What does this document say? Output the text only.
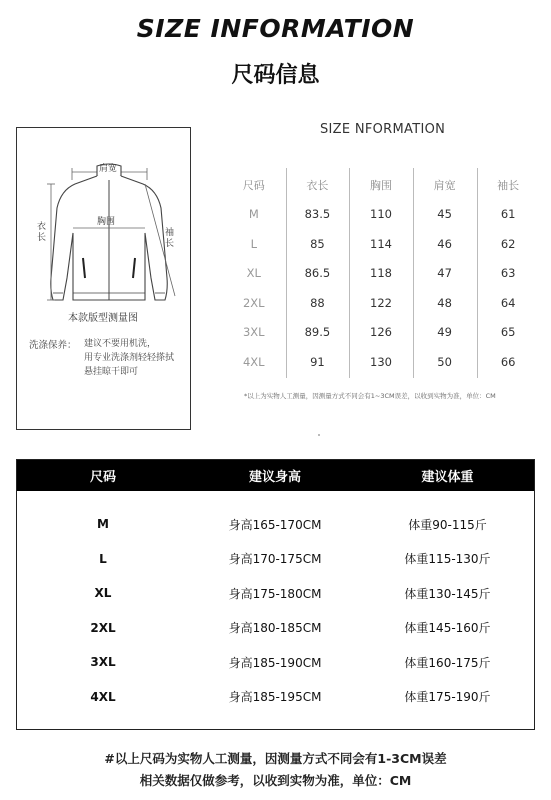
SIZE INFORMATION
尺码信息
肩宽
胸围
衣长	袖长
本款版型测量图
洗涤保养： 建议不要用机洗，
用专业洗涤剂轻轻搽拭
悬挂晾干即可
SIZE NFORMATION
尺码	衣长	胸围	肩宽	袖长
M	83.5	110	45	61
L	85	114	46	62
XL	86.5	118	47	63
2XL	88	122	48	64
3XL	89.5	126	49	65
4XL	91	130	50	66
*以上为实物人工测量，因测量方式不同会有1~3CM误差，以收到实物为准，单位：CM
尺码	建议身高	建议体重
M	身高165-170CM	体重90-115斤
L	身高170-175CM	体重115-130斤
XL	身高175-180CM	体重130-145斤
2XL	身高180-185CM	体重145-160斤
3XL	身高185-190CM	体重160-175斤
4XL	身高185-195CM	体重175-190斤
#以上尺码为实物人工测量，因测量方式不同会有1-3CM误差
相关数据仅做参考，以收到实物为准，单位：CM
